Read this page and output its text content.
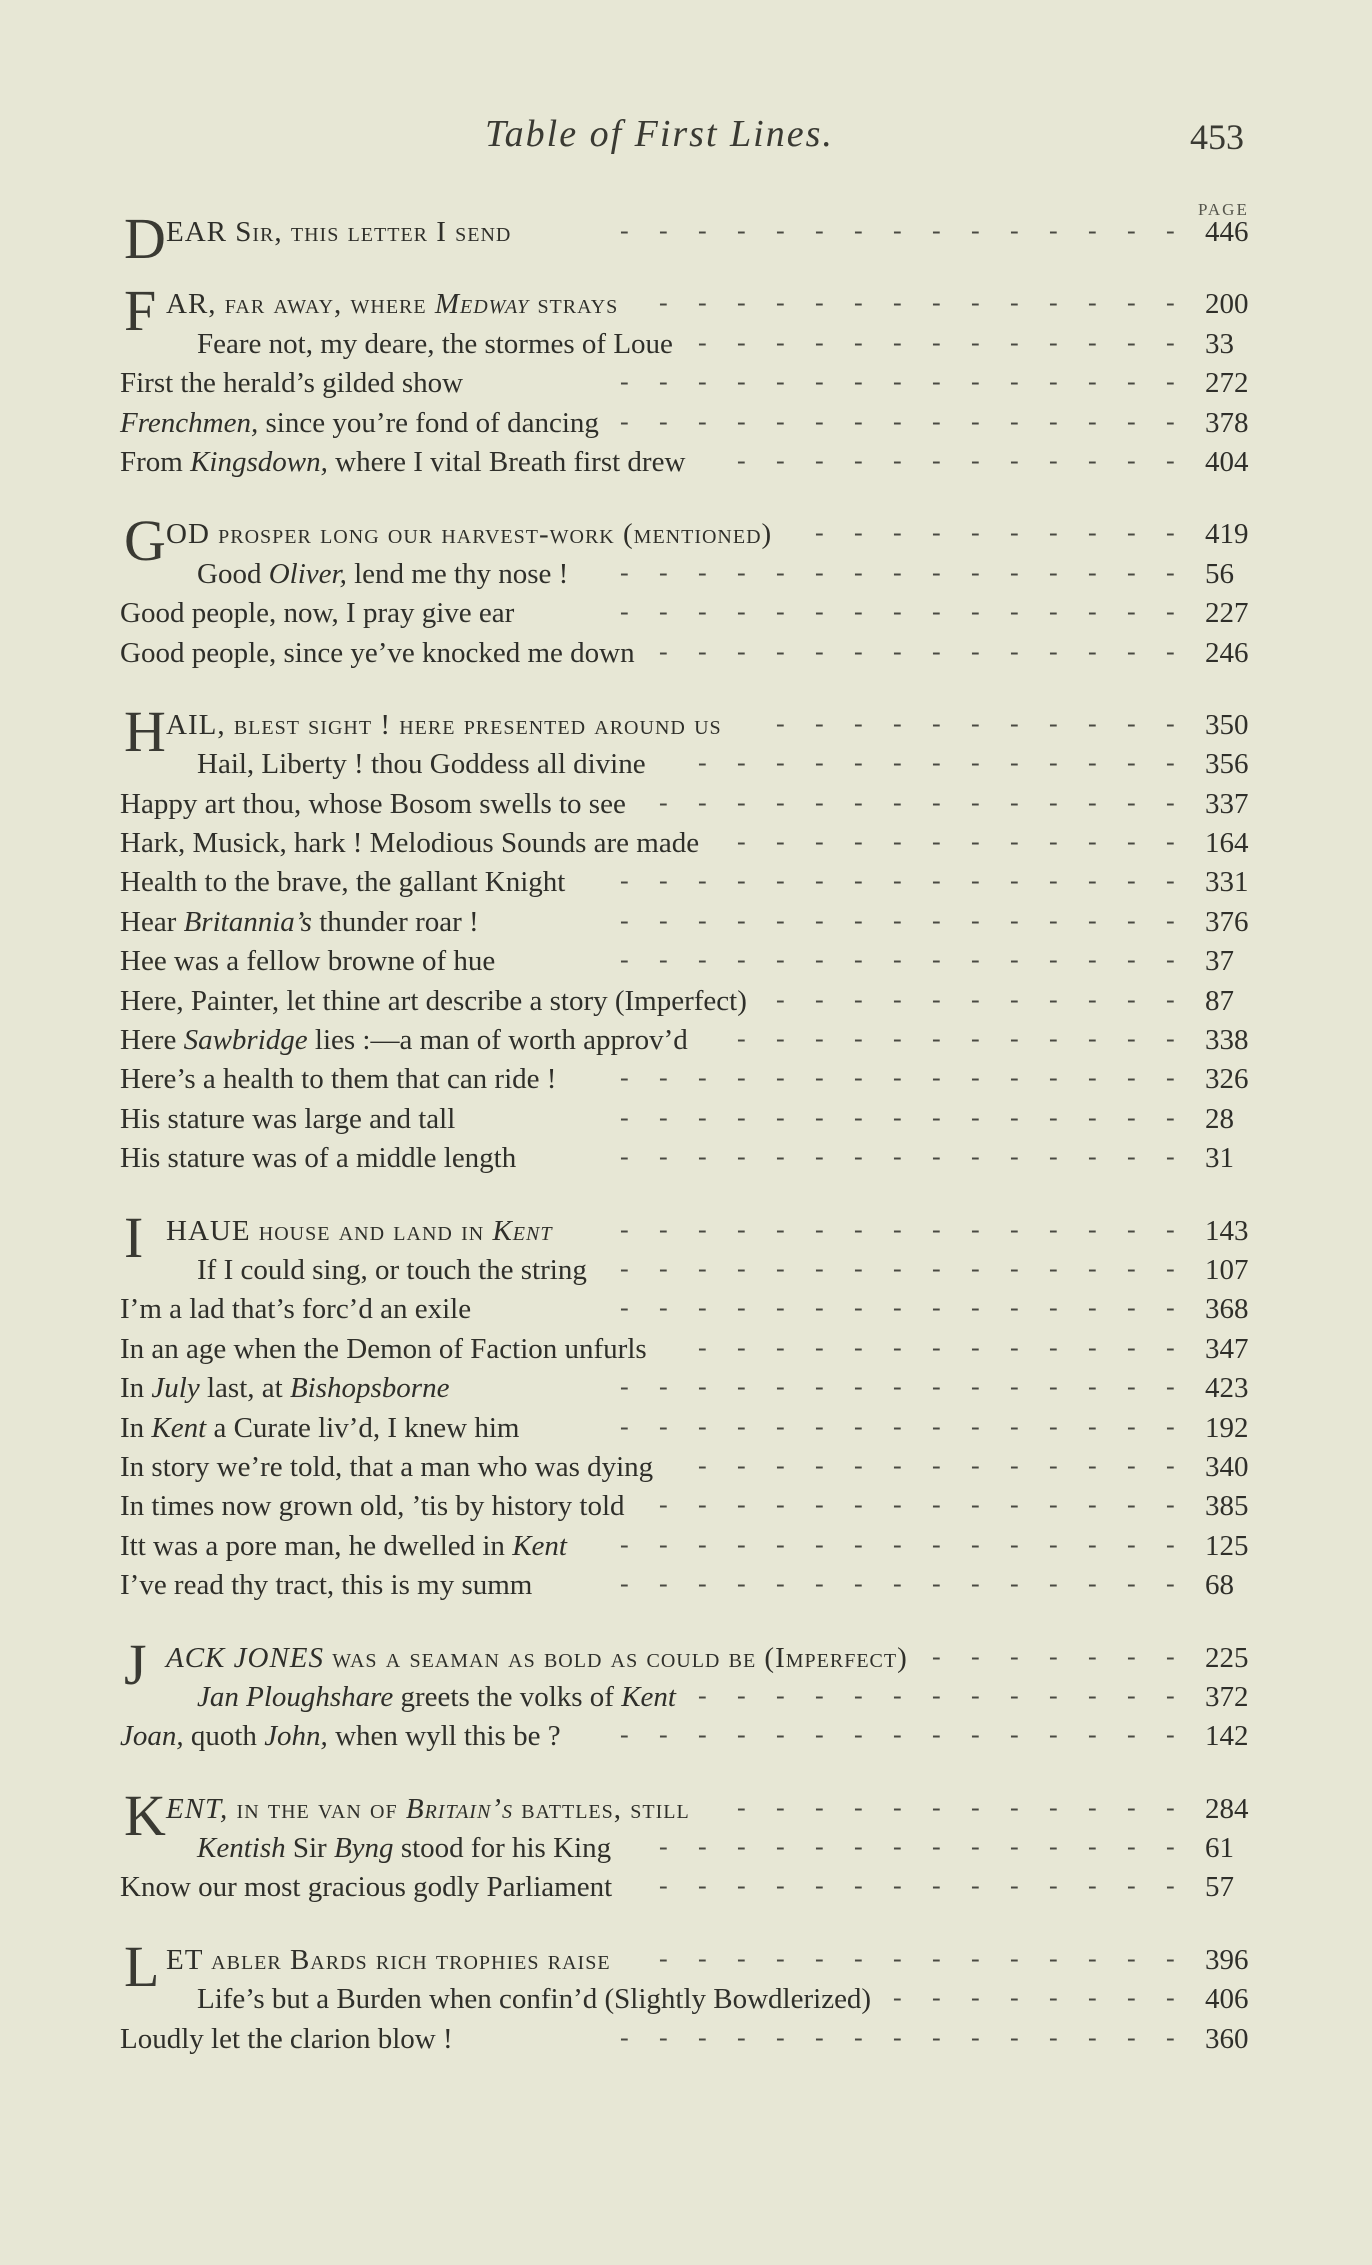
Table of First Lines.	453
PAGE
D EAR Sir, this letter I send	- - - - - - - - - - - - - - - 446
F AR, far away, where Medway strays - - - - - - - - - - - - - - 200
Feare not, my deare, the stormes of Loue - - - - - - - - - - - - - 33
First the herald’s gilded show	- - - - - - - - - - - - - - - 272
Frenchmen, since you’re fond of dancing - - - - - - - - - - - - - - - 378
From Kingsdown, where I vital Breath first drew - - - - - - - - - - - - 404
G OD prosper long our harvest-work (mentioned) - - - - - - - - - - 419
Good Oliver, lend me thy nose ! - - - - - - - - - - - - - - - 56
Good people, now, I pray give ear	- - - - - - - - - - - - - - - 227
Good people, since ye’ve knocked me down - - - - - - - - - - - - - - 246
H AIL, blest sight ! here presented around us - - - - - - - - - - - 350
Hail, Liberty ! thou Goddess all divine - - - - - - - - - - - - - 356
Happy art thou, whose Bosom swells to see - - - - - - - - - - - - - - 337
Hark, Musick, hark ! Melodious Sounds are made - - - - - - - - - - - - 164
Health to the brave, the gallant Knight - - - - - - - - - - - - - - - 331
Hear Britannia’s thunder roar !	- - - - - - - - - - - - - - - 376
Hee was a fellow browne of hue	- - - - - - - - - - - - - - - 37
Here, Painter, let thine art describe a story (Imperfect) - - - - - - - - - - - 87
Here Sawbridge lies :—a man of worth approv’d - - - - - - - - - - - - 338
Here’s a health to them that can ride ! - - - - - - - - - - - - - - - 326
His stature was large and tall	- - - - - - - - - - - - - - - 28
His stature was of a middle length	- - - - - - - - - - - - - - - 31
I HAUE house and land in Kent	- - - - - - - - - - - - - - - 143
If I could sing, or touch the string - - - - - - - - - - - - - - - 107
I’m a lad that’s forc’d an exile	- - - - - - - - - - - - - - - 368
In an age when the Demon of Faction unfurls - - - - - - - - - - - - - 347
In July last, at Bishopsborne	- - - - - - - - - - - - - - - 423
In Kent a Curate liv’d, I knew him	- - - - - - - - - - - - - - - 192
In story we’re told, that a man who was dying - - - - - - - - - - - - - 340
In times now grown old, ’tis by history told - - - - - - - - - - - - - - 385
Itt was a pore man, he dwelled in Kent - - - - - - - - - - - - - - - 125
I’ve read thy tract, this is my summ	- - - - - - - - - - - - - - - 68
J ACK JONES was a seaman as bold as could be (Imperfect) - - - - - - - 225
Jan Ploughshare greets the volks of Kent - - - - - - - - - - - - - 372
Joan, quoth John, when wyll this be ? - - - - - - - - - - - - - - - 142
K ENT, in the van of Britain’s battles, still - - - - - - - - - - - - 284
Kentish Sir Byng stood for his King - - - - - - - - - - - - - - 61
Know our most gracious godly Parliament - - - - - - - - - - - - - - 57
L ET abler Bards rich trophies raise - - - - - - - - - - - - - - 396
Life’s but a Burden when confin’d (Slightly Bowdlerized) - - - - - - - - 406
Loudly let the clarion blow !	- - - - - - - - - - - - - - - 360
